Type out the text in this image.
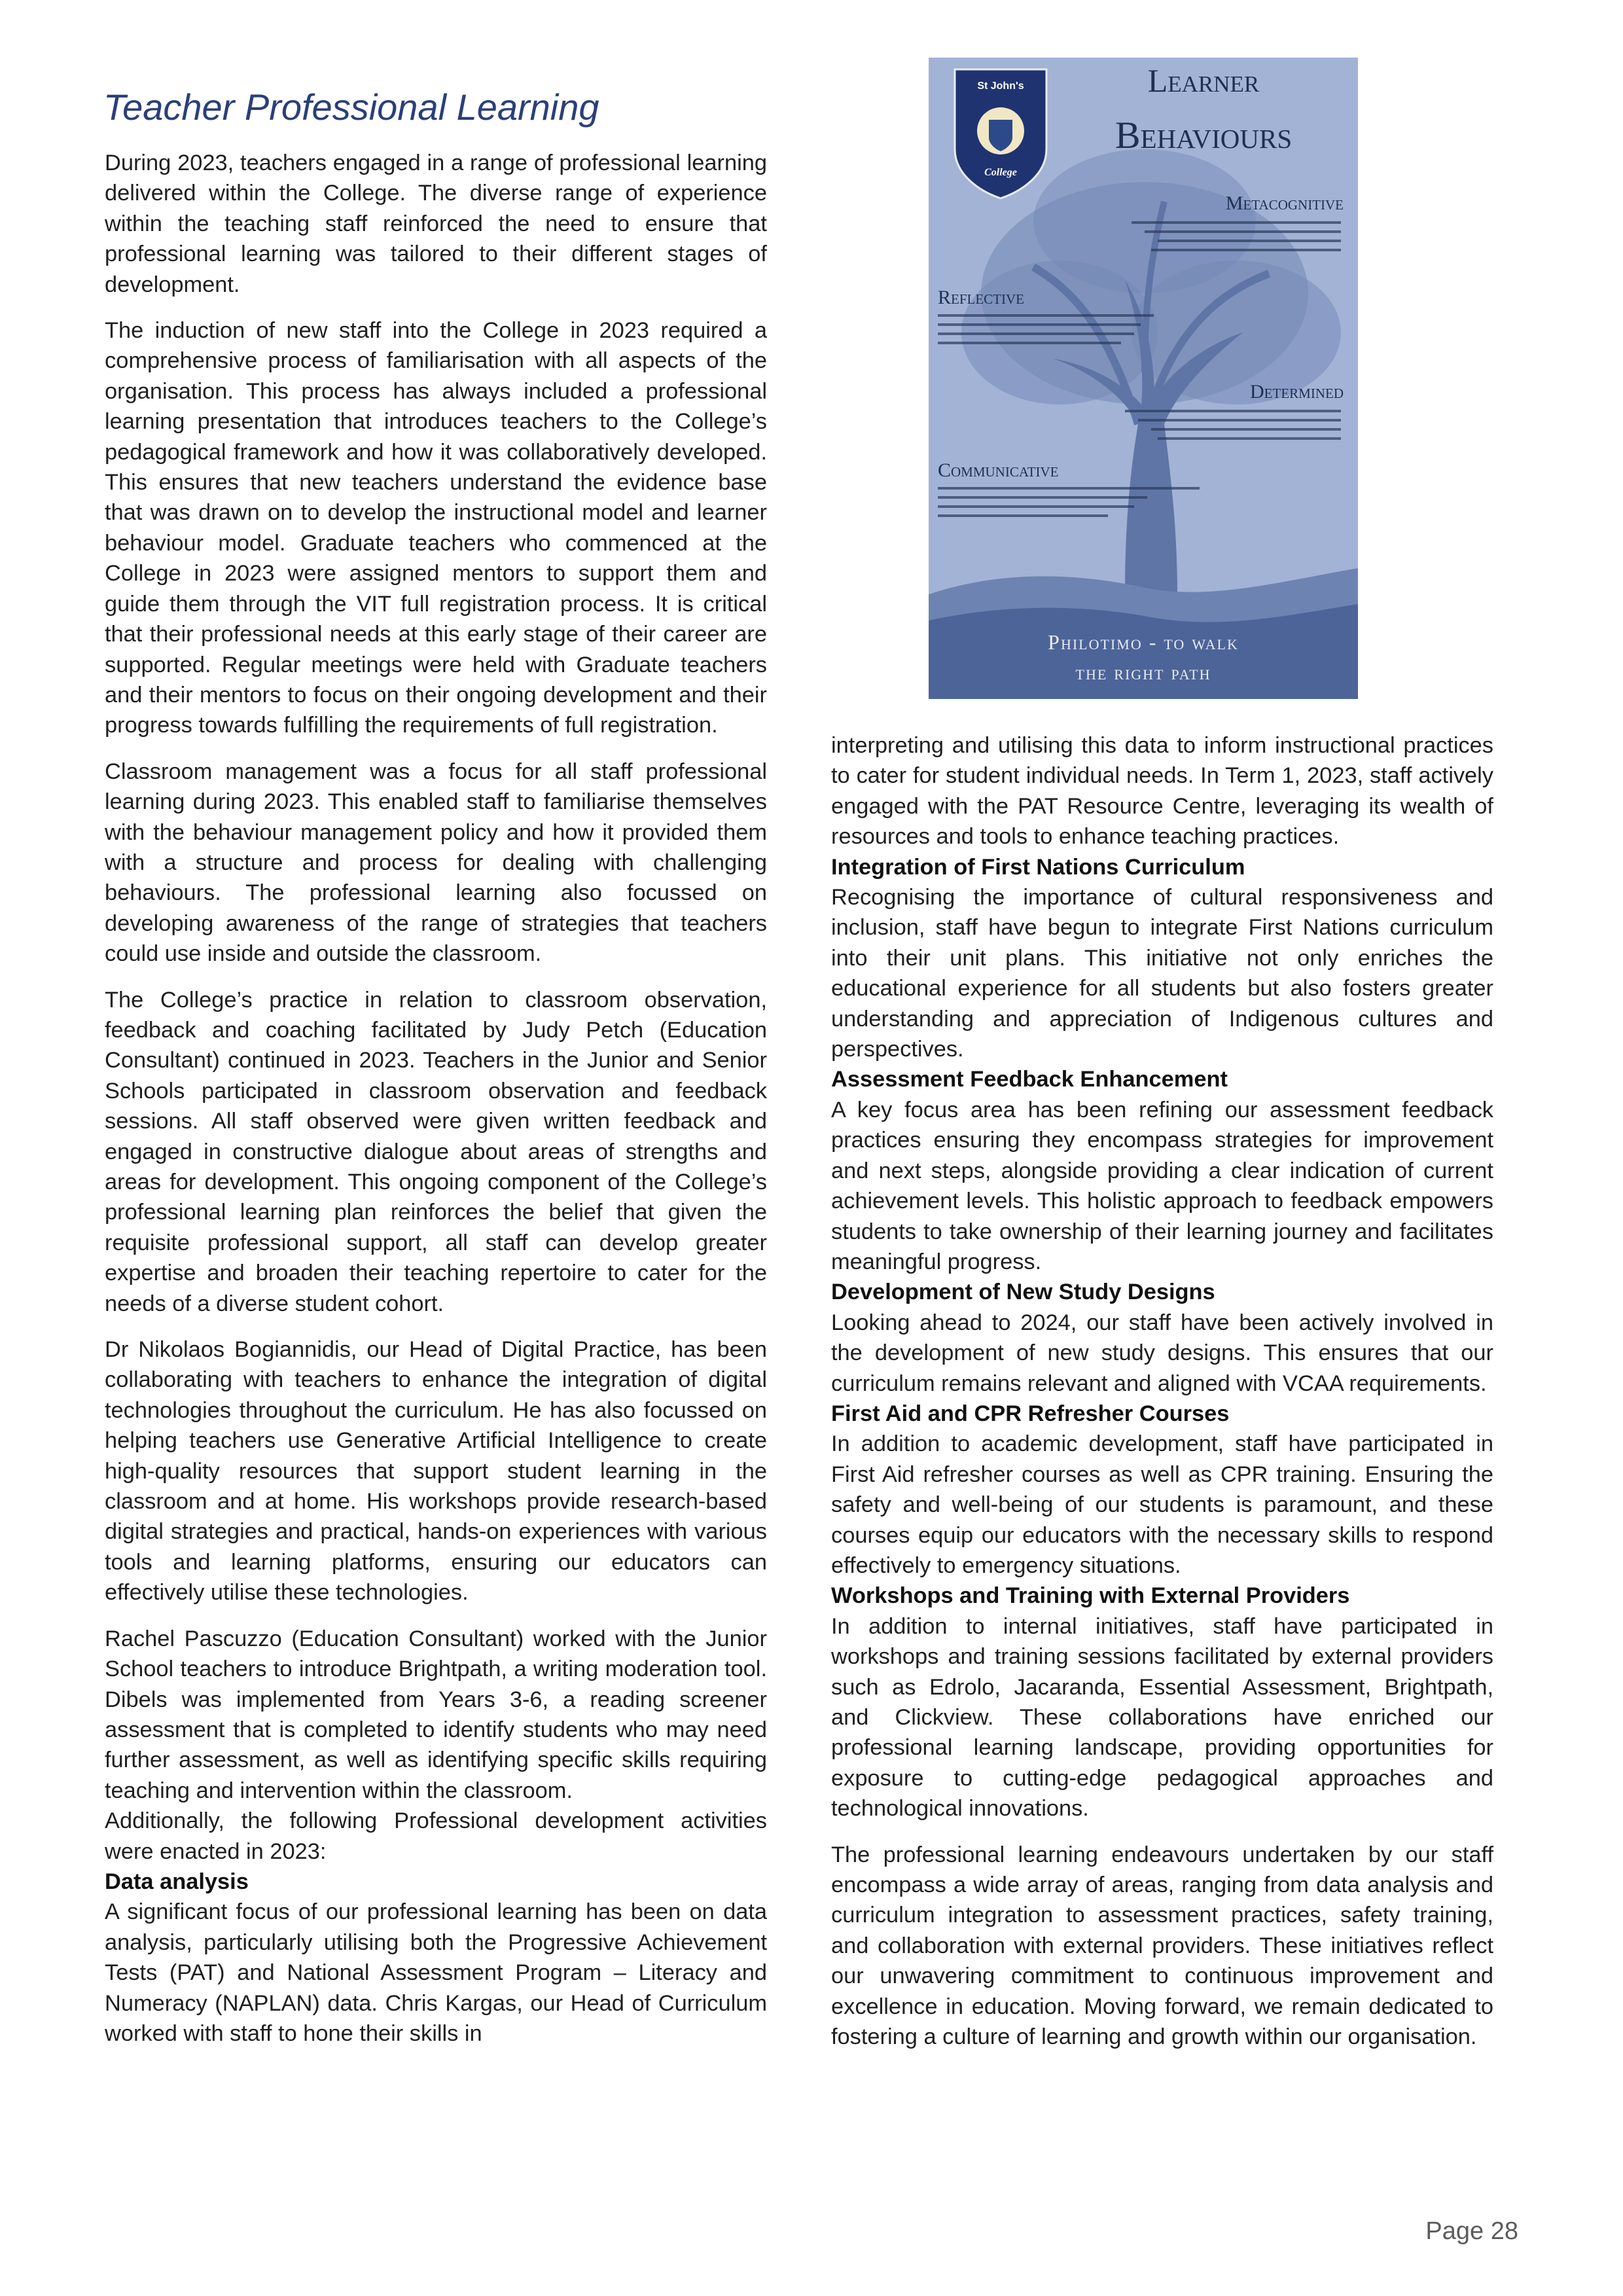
Teacher Professional Learning
St John's
College
Learner
Behaviours
Metacognitive
Reflective
Determined
Communicative
Philotimo - to walk
the right path

During 2023, teachers engaged in a range of professional learning delivered within the College. The diverse range of experience within the teaching staff reinforced the need to ensure that professional learning was tailored to their different stages of development.

The induction of new staff into the College in 2023 required a comprehensive process of familiarisation with all aspects of the organisation. This process has always included a professional learning presentation that introduces teachers to the College’s pedagogical framework and how it was collaboratively developed. This ensures that new teachers understand the evidence base that was drawn on to develop the instructional model and learner behaviour model. Graduate teachers who commenced at the College in 2023 were assigned mentors to support them and guide them through the VIT full registration process. It is critical that their professional needs at this early stage of their career are supported. Regular meetings were held with Graduate teachers and their mentors to focus on their ongoing development and their progress towards fulfilling the requirements of full registration.

Classroom management was a focus for all staff professional learning during 2023. This enabled staff to familiarise themselves with the behaviour management policy and how it provided them with a structure and process for dealing with challenging behaviours. The professional learning also focussed on developing awareness of the range of strategies that teachers could use inside and outside the classroom.

The College’s practice in relation to classroom observation, feedback and coaching facilitated by Judy Petch (Education Consultant) continued in 2023. Teachers in the Junior and Senior Schools participated in classroom observation and feedback sessions. All staff observed were given written feedback and engaged in constructive dialogue about areas of strengths and areas for development. This ongoing component of the College’s professional learning plan reinforces the belief that given the requisite professional support, all staff can develop greater expertise and broaden their teaching repertoire to cater for the needs of a diverse student cohort.

Dr Nikolaos Bogiannidis, our Head of Digital Practice, has been collaborating with teachers to enhance the integration of digital technologies throughout the curriculum. He has also focussed on helping teachers use Generative Artificial Intelligence to create high-quality resources that support student learning in the classroom and at home. His workshops provide research-based digital strategies and practical, hands-on experiences with various tools and learning platforms, ensuring our educators can effectively utilise these technologies.

Rachel Pascuzzo (Education Consultant) worked with the Junior School teachers to introduce Brightpath, a writing moderation tool. Dibels was implemented from Years 3-6, a reading screener assessment that is completed to identify students who may need further assessment, as well as identifying specific skills requiring teaching and intervention within the classroom.

Additionally, the following Professional development activities were enacted in 2023:

Data analysis

A significant focus of our professional learning has been on data analysis, particularly utilising both the Progressive Achievement Tests (PAT) and National Assessment Program – Literacy and Numeracy (NAPLAN) data. Chris Kargas, our Head of Curriculum worked with staff to hone their skills in

interpreting and utilising this data to inform instructional practices to cater for student individual needs. In Term 1, 2023, staff actively engaged with the PAT Resource Centre, leveraging its wealth of resources and tools to enhance teaching practices.

Integration of First Nations Curriculum

Recognising the importance of cultural responsiveness and inclusion, staff have begun to integrate First Nations curriculum into their unit plans. This initiative not only enriches the educational experience for all students but also fosters greater understanding and appreciation of Indigenous cultures and perspectives.

Assessment Feedback Enhancement

A key focus area has been refining our assessment feedback practices ensuring they encompass strategies for improvement and next steps, alongside providing a clear indication of current achievement levels. This holistic approach to feedback empowers students to take ownership of their learning journey and facilitates meaningful progress.

Development of New Study Designs

Looking ahead to 2024, our staff have been actively involved in the development of new study designs. This ensures that our curriculum remains relevant and aligned with VCAA requirements.

First Aid and CPR Refresher Courses

In addition to academic development, staff have participated in First Aid refresher courses as well as CPR training. Ensuring the safety and well-being of our students is paramount, and these courses equip our educators with the necessary skills to respond effectively to emergency situations.

Workshops and Training with External Providers

In addition to internal initiatives, staff have participated in workshops and training sessions facilitated by external providers such as Edrolo, Jacaranda, Essential Assessment, Brightpath, and Clickview. These collaborations have enriched our professional learning landscape, providing opportunities for exposure to cutting-edge pedagogical approaches and technological innovations.

The professional learning endeavours undertaken by our staff encompass a wide array of areas, ranging from data analysis and curriculum integration to assessment practices, safety training, and collaboration with external providers. These initiatives reflect our unwavering commitment to continuous improvement and excellence in education. Moving forward, we remain dedicated to fostering a culture of learning and growth within our organisation.

Page 28
